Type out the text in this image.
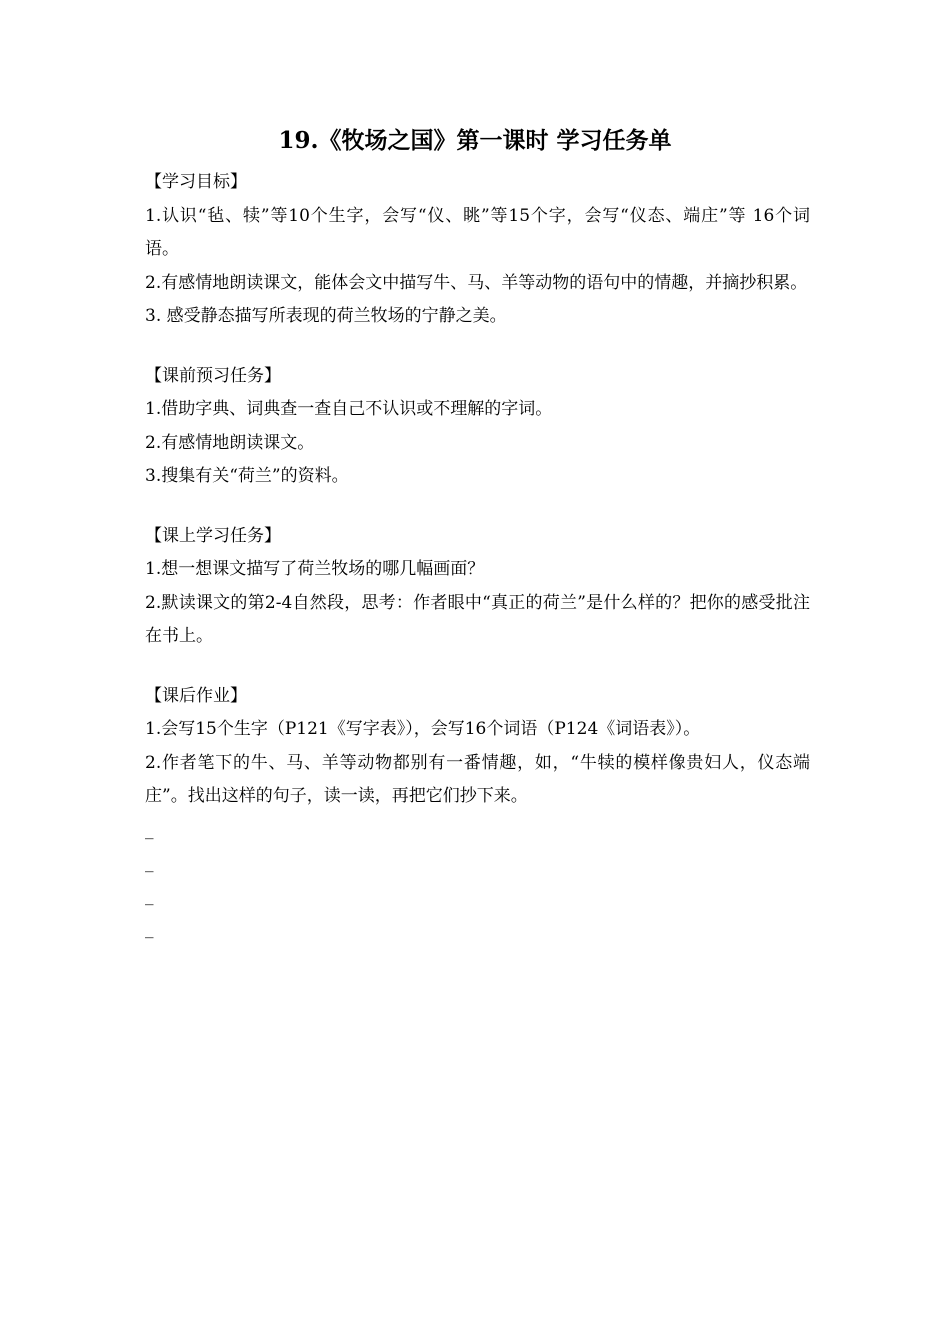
19.《牧场之国》第一课时 学习任务单

【学习目标】

1.认识“毡、犊”等10个生字，会写“仪、眺”等15个字，会写“仪态、端庄”等 16个词语。

2.有感情地朗读课文，能体会文中描写牛、马、羊等动物的语句中的情趣，并摘抄积累。

3. 感受静态描写所表现的荷兰牧场的宁静之美。

【课前预习任务】

1.借助字典、词典查一查自己不认识或不理解的字词。

2.有感情地朗读课文。

3.搜集有关“荷兰”的资料。

【课上学习任务】

1.想一想课文描写了荷兰牧场的哪几幅画面？

2.默读课文的第2-4自然段，思考：作者眼中“真正的荷兰”是什么样的？把你的感受批注在书上。

【课后作业】

1.会写15个生字（P121《写字表》），会写16个词语（P124《词语表》）。

2.作者笔下的牛、马、羊等动物都别有一番情趣，如，“牛犊的模样像贵妇人，仪态端庄”。找出这样的句子，读一读，再把它们抄下来。

_

_

_

_
